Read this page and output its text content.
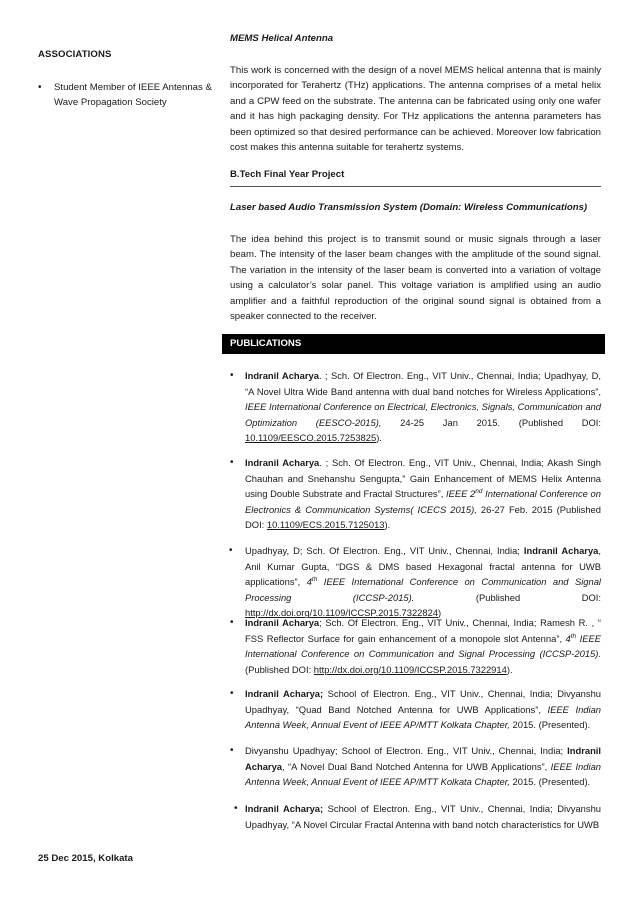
ASSOCIATIONS
• Student Member of IEEE Antennas & Wave Propagation Society
25 Dec 2015, Kolkata
MEMS Helical Antenna

This work is concerned with the design of a novel MEMS helical antenna that is mainly incorporated for Terahertz (THz) applications. The antenna comprises of a metal helix and a CPW feed on the substrate. The antenna can be fabricated using only one wafer and it has high packaging density. For THz applications the antenna parameters has been optimized so that desired performance can be achieved. Moreover low fabrication cost makes this antenna suitable for terahertz systems.

B.Tech Final Year Project
Laser based Audio Transmission System (Domain: Wireless Communications)

The idea behind this project is to transmit sound or music signals through a laser beam. The intensity of the laser beam changes with the amplitude of the sound signal. The variation in the intensity of the laser beam is converted into a variation of voltage using a calculator’s solar panel. This voltage variation is amplified using an audio amplifier and a faithful reproduction of the original sound signal is obtained from a speaker connected to the receiver.

PUBLICATIONS

• Indranil Acharya. ; Sch. Of Electron. Eng., VIT Univ., Chennai, India; Upadhyay, D, “A Novel Ultra Wide Band antenna with dual band notches for Wireless Applications”, IEEE International Conference on Electrical, Electronics, Signals, Communication and Optimization (EESCO-2015), 24-25 Jan 2015. (Published DOI: 10.1109/EESCO.2015.7253825).

• Indranil Acharya. ; Sch. Of Electron. Eng., VIT Univ., Chennai, India; Akash Singh Chauhan and Snehanshu Sengupta,” Gain Enhancement of MEMS Helix Antenna using Double Substrate and Fractal Structures”, IEEE 2nd International Conference on Electronics & Communication Systems( ICECS 2015), 26-27 Feb. 2015 (Published DOI: 10.1109/ECS.2015.7125013).

• Upadhyay, D; Sch. Of Electron. Eng., VIT Univ., Chennai, India; Indranil Acharya, Anil Kumar Gupta, “DGS & DMS based Hexagonal fractal antenna for UWB applications”, 4th IEEE International Conference on Communication and Signal Processing (ICCSP-2015).	(Published DOI: http://dx.doi.org/10.1109/ICCSP.2015.7322824)

• Indranil Acharya; Sch. Of Electron. Eng., VIT Univ., Chennai, India; Ramesh R. , “ FSS Reflector Surface for gain enhancement of a monopole slot Antenna”, 4th IEEE International Conference on Communication and Signal Processing (ICCSP-2015). (Published DOI: http://dx.doi.org/10.1109/ICCSP.2015.7322914).

• Indranil Acharya; School of Electron. Eng., VIT Univ., Chennai, India; Divyanshu Upadhyay, “Quad Band Notched Antenna for UWB Applications”, IEEE Indian Antenna Week, Annual Event of IEEE AP/MTT Kolkata Chapter, 2015. (Presented).

• Divyanshu Upadhyay; School of Electron. Eng., VIT Univ., Chennai, India; Indranil Acharya, “A Novel Dual Band Notched Antenna for UWB Applications”, IEEE Indian Antenna Week, Annual Event of IEEE AP/MTT Kolkata Chapter, 2015. (Presented).

• Indranil Acharya; School of Electron. Eng., VIT Univ., Chennai, India; Divyanshu Upadhyay, “A Novel Circular Fractal Antenna with band notch characteristics for UWB
